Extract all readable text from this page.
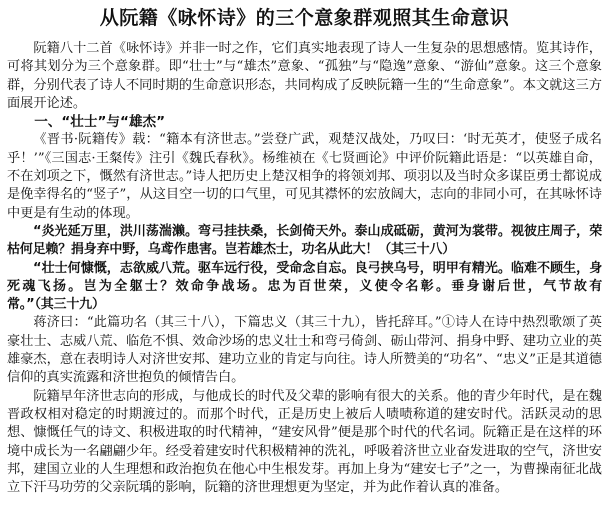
从阮籍《咏怀诗》的三个意象群观照其生命意识

阮籍八十二首《咏怀诗》并非一时之作，它们真实地表现了诗人一生复杂的思想感情。览其诗作，可将其划分为三个意象群。即“壮士”与“雄杰”意象、“孤独”与“隐逸”意象、“游仙”意象。这三个意象群，分别代表了诗人不同时期的生命意识形态，共同构成了反映阮籍一生的“生命意象”。本文就这三方面展开论述。

一、“壮士”与“雄杰”

《晋书·阮籍传》载：“籍本有济世志。”尝登广武，观楚汉战处，乃叹曰：‘时无英才，使竖子成名乎！’”《三国志·王粲传》注引《魏氏春秋》。杨维祯在《七贤画论》中评价阮籍此语是：“以英雄自命，不在刘项之下，慨然有济世志。”诗人把历史上楚汉相争的将领刘邦、项羽以及当时众多谋臣勇士都说成是俛幸得名的“竖子”，从这目空一切的口气里，可见其襟怀的宏放阔大，志向的非同小可，在其咏怀诗中更是有生动的体现。

“炎光延万里，洪川荡湍濑。弯弓挂扶桑，长剑倚天外。泰山成砥砺，黄河为裳带。视彼庄周子，荣枯何足赖？捐身弃中野，乌鸢作患害。岂若雄杰士，功名从此大！（其三十八）

“壮士何慷慨，志欲威八荒。驱车远行役，受命念自忘。良弓挟乌号，明甲有精光。临难不顾生，身死魂飞扬。岂为全躯士？效命争战场。忠为百世荣，义使令名彰。垂身谢后世，气节故有常。”（其三十九）

蒋济曰：“此篇功名（其三十八），下篇忠义（其三十九），皆托辞耳。”①诗人在诗中热烈歌颂了英豪壮士、志威八荒、临危不惧、效命沙场的忠义壮士和弯弓倚剑、砺山带河、捐身中野、建功立业的英雄豪杰，意在表明诗人对济世安邦、建功立业的肯定与向往。诗人所赞美的“功名”、“忠义”正是其道德信仰的真实流露和济世抱负的倾情告白。

阮籍早年济世志向的形成，与他成长的时代及父辈的影响有很大的关系。他的青少年时代，是在魏晋政权相对稳定的时期渡过的。而那个时代，正是历史上被后人啧啧称道的建安时代。活跃灵动的思想、慷慨任气的诗文、积极进取的时代精神，“建安风骨”便是那个时代的代名词。阮籍正是在这样的环境中成长为一名翩翩少年。经受着建安时代积极精神的洗礼，呼吸着济世立业奋发进取的空气，济世安邦，建国立业的人生理想和政治抱负在他心中生根发芽。再加上身为“建安七子”之一，为曹操南征北战立下汗马功劳的父亲阮瑀的影响，阮籍的济世理想更为坚定，并为此作着认真的准备。
